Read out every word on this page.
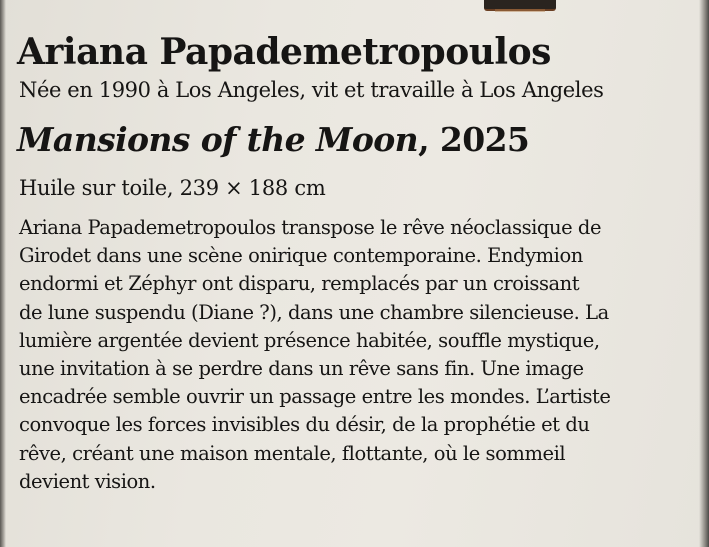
Ariana Papademetropoulos
Née en 1990 à Los Angeles, vit et travaille à Los Angeles
Mansions of the Moon, 2025
Huile sur toile, 239 × 188 cm
Ariana Papademetropoulos transpose le rêve néoclassique de
Girodet dans une scène onirique contemporaine. Endymion
endormi et Zéphyr ont disparu, remplacés par un croissant
de lune suspendu (Diane ?), dans une chambre silencieuse. La
lumière argentée devient présence habitée, souffle mystique,
une invitation à se perdre dans un rêve sans fin. Une image
encadrée semble ouvrir un passage entre les mondes. L’artiste
convoque les forces invisibles du désir, de la prophétie et du
rêve, créant une maison mentale, flottante, où le sommeil
devient vision.
